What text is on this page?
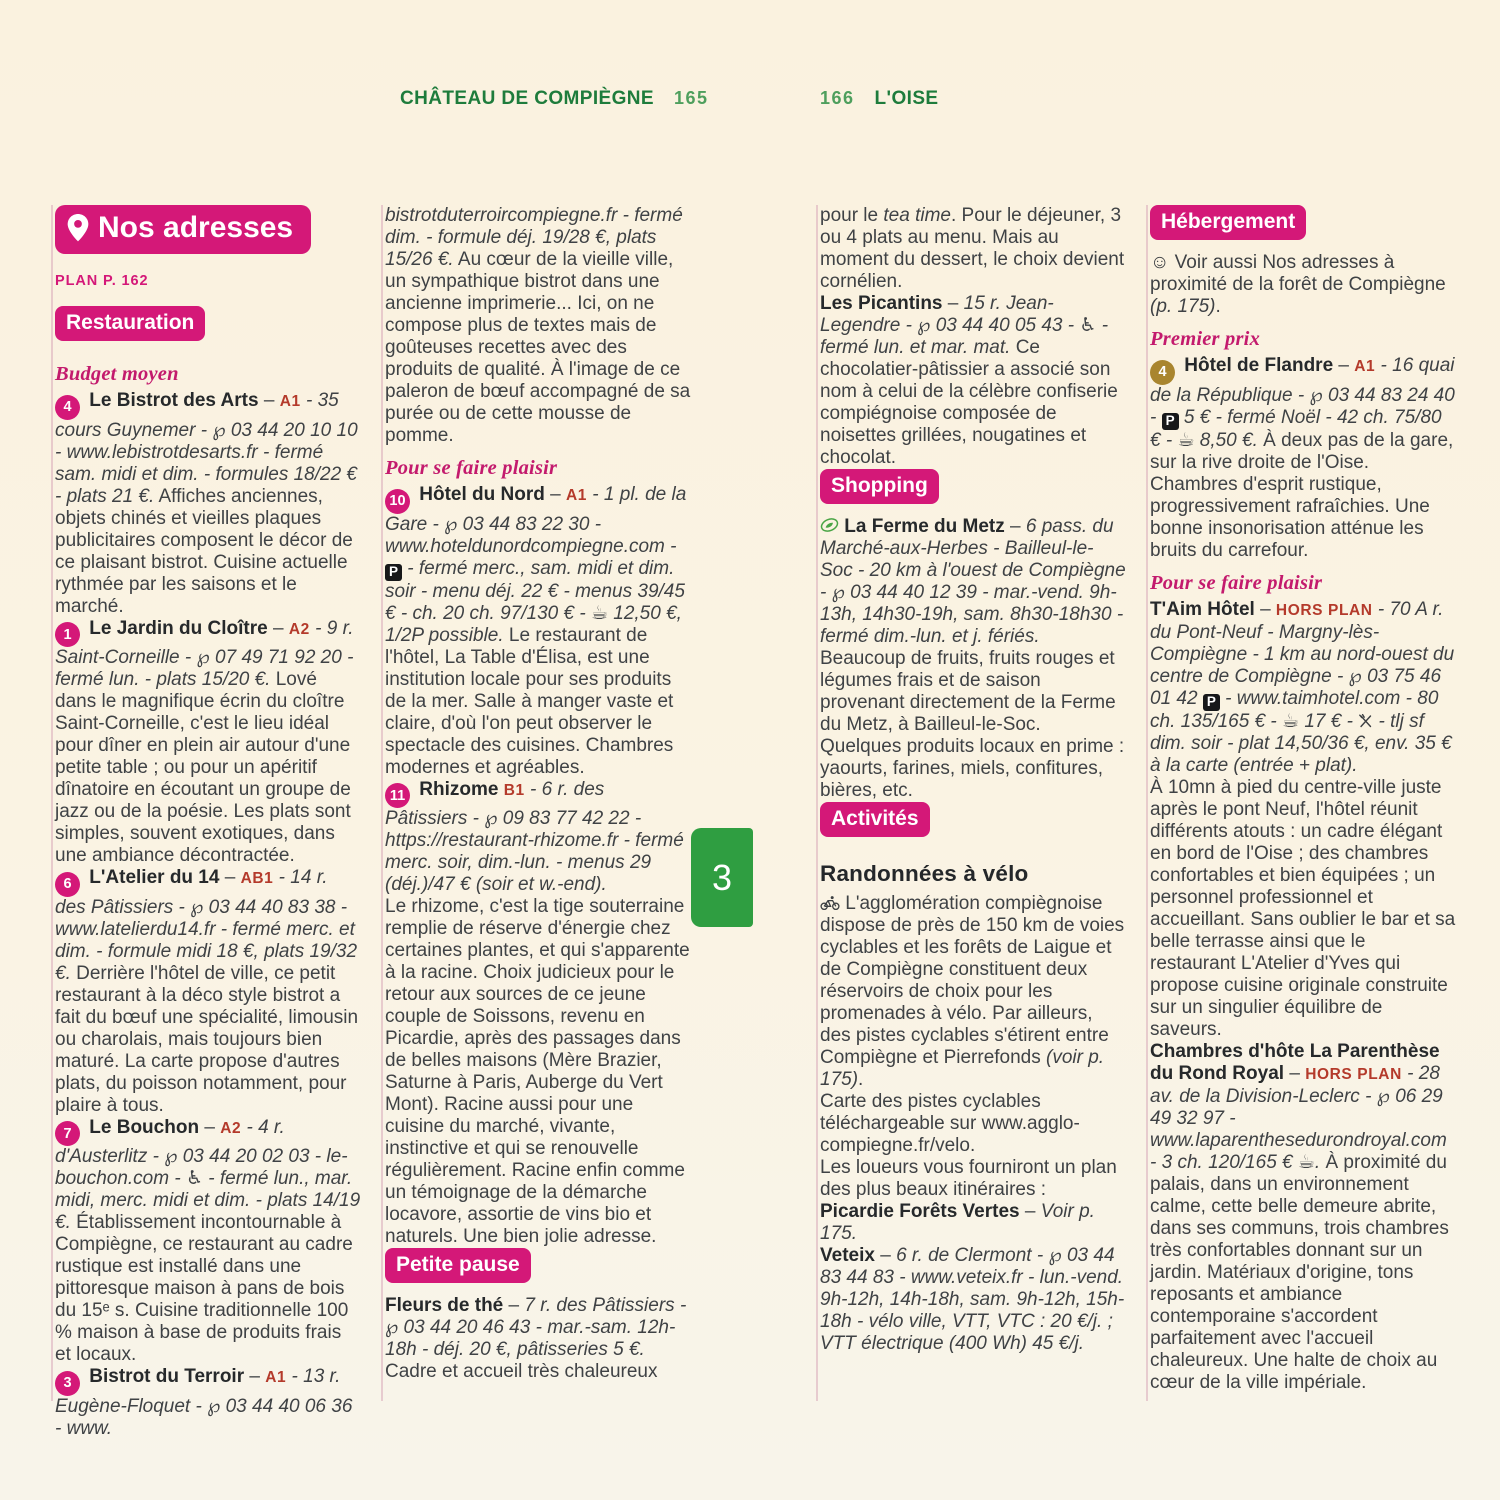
CHÂTEAU DE COMPIÈGNE 165	166 L'OISE
Nos adresses
PLAN P. 162
Restauration
Budget moyen

4 Le Bistrot des Arts – A1 - 35 cours Guynemer - ℘ 03 44 20 10 10 - www.lebistrotdesarts.fr - fermé sam. midi et dim. - formules 18/22 € - plats 21 €. Affiches anciennes, objets chinés et vieilles plaques publicitaires composent le décor de ce plaisant bistrot. Cuisine actuelle rythmée par les saisons et le marché.

1 Le Jardin du Cloître – A2 - 9 r. Saint-Corneille - ℘ 07 49 71 92 20 - fermé lun. - plats 15/20 €. Lové dans le magnifique écrin du cloître Saint-Corneille, c'est le lieu idéal pour dîner en plein air autour d'une petite table ; ou pour un apéritif dînatoire en écoutant un groupe de jazz ou de la poésie. Les plats sont simples, souvent exotiques, dans une ambiance décontractée.

6 L'Atelier du 14 – AB1 - 14 r. des Pâtissiers - ℘ 03 44 40 83 38 - www.latelierdu14.fr - fermé merc. et dim. - formule midi 18 €, plats 19/32 €. Derrière l'hôtel de ville, ce petit restaurant à la déco style bistrot a fait du bœuf une spécialité, limousin ou charolais, mais toujours bien maturé. La carte propose d'autres plats, du poisson notamment, pour plaire à tous.

7 Le Bouchon – A2 - 4 r. d'Austerlitz - ℘ 03 44 20 02 03 - le-bouchon.com - ♿ - fermé lun., mar. midi, merc. midi et dim. - plats 14/19 €. Établissement incontournable à Compiègne, ce restaurant au cadre rustique est installé dans une pittoresque maison à pans de bois du 15ᵉ s. Cuisine traditionnelle 100 % maison à base de produits frais et locaux.

3 Bistrot du Terroir – A1 - 13 r. Eugène-Floquet - ℘ 03 44 40 06 36 - www.

bistrotduterroircompiegne.fr - fermé dim. - formule déj. 19/28 €, plats 15/26 €. Au cœur de la vieille ville, un sympathique bistrot dans une ancienne imprimerie... Ici, on ne compose plus de textes mais de goûteuses recettes avec des produits de qualité. À l'image de ce paleron de bœuf accompagné de sa purée ou de cette mousse de pomme.

Pour se faire plaisir

10 Hôtel du Nord – A1 - 1 pl. de la Gare - ℘ 03 44 83 22 30 - www.hoteldunordcompiegne.com - P - fermé merc., sam. midi et dim. soir - menu déj. 22 € - menus 39/45 € - ch. 20 ch. 97/130 € - ☕ 12,50 €, 1/2P possible. Le restaurant de l'hôtel, La Table d'Élisa, est une institution locale pour ses produits de la mer. Salle à manger vaste et claire, d'où l'on peut observer le spectacle des cuisines. Chambres modernes et agréables.

11 Rhizome B1 - 6 r. des Pâtissiers - ℘ 09 83 77 42 22 - https://restaurant-rhizome.fr - fermé merc. soir, dim.-lun. - menus 29 (déj.)/47 € (soir et w.-end).
Le rhizome, c'est la tige souterraine remplie de réserve d'énergie chez certaines plantes, et qui s'apparente à la racine. Choix judicieux pour le retour aux sources de ce jeune couple de Soissons, revenu en Picardie, après des passages dans de belles maisons (Mère Brazier, Saturne à Paris, Auberge du Vert Mont). Racine aussi pour une cuisine du marché, vivante, instinctive et qui se renouvelle régulièrement. Racine enfin comme un témoignage de la démarche locavore, assortie de vins bio et naturels. Une bien jolie adresse.

Petite pause

Fleurs de thé – 7 r. des Pâtissiers - ℘ 03 44 20 46 43 - mar.-sam. 12h-18h - déj. 20 €, pâtisseries 5 €. Cadre et accueil très chaleureux

pour le tea time. Pour le déjeuner, 3 ou 4 plats au menu. Mais au moment du dessert, le choix devient cornélien.

Les Picantins – 15 r. Jean-Legendre - ℘ 03 44 40 05 43 - ♿ - fermé lun. et mar. mat. Ce chocolatier-pâtissier a associé son nom à celui de la célèbre confiserie compiégnoise composée de noisettes grillées, nougatines et chocolat.

Shopping

La Ferme du Metz – 6 pass. du Marché-aux-Herbes - Bailleul-le-Soc - 20 km à l'ouest de Compiègne - ℘ 03 44 40 12 39 - mar.-vend. 9h-13h, 14h30-19h, sam. 8h30-18h30 - fermé dim.-lun. et j. fériés. Beaucoup de fruits, fruits rouges et légumes frais et de saison provenant directement de la Ferme du Metz, à Bailleul-le-Soc. Quelques produits locaux en prime : yaourts, farines, miels, confitures, bières, etc.

Activités
Randonnées à vélo

L'agglomération compiègnoise dispose de près de 150 km de voies cyclables et les forêts de Laigue et de Compiègne constituent deux réservoirs de choix pour les promenades à vélo. Par ailleurs, des pistes cyclables s'étirent entre Compiègne et Pierrefonds (voir p. 175).

Carte des pistes cyclables téléchargeable sur www.agglo-compiegne.fr/velo.

Les loueurs vous fourniront un plan des plus beaux itinéraires :

Picardie Forêts Vertes – Voir p. 175.

Veteix – 6 r. de Clermont - ℘ 03 44 83 44 83 - www.veteix.fr - lun.-vend. 9h-12h, 14h-18h, sam. 9h-12h, 15h-18h - vélo ville, VTT, VTC : 20 €/j. ; VTT électrique (400 Wh) 45 €/j.

Hébergement

☺ Voir aussi Nos adresses à proximité de la forêt de Compiègne (p. 175).

Premier prix

4 Hôtel de Flandre – A1 - 16 quai de la République - ℘ 03 44 83 24 40 - P 5 € - fermé Noël - 42 ch. 75/80 € - ☕ 8,50 €. À deux pas de la gare, sur la rive droite de l'Oise. Chambres d'esprit rustique, progressivement rafraîchies. Une bonne insonorisation atténue les bruits du carrefour.

Pour se faire plaisir

T'Aim Hôtel – HORS PLAN - 70 A r. du Pont-Neuf - Margny-lès-Compiègne - 1 km au nord-ouest du centre de Compiègne - ℘ 03 75 46 01 42 P - www.taimhotel.com - 80 ch. 135/165 € - ☕ 17 € -  - tlj sf dim. soir - plat 14,50/36 €, env. 35 € à la carte (entrée + plat).
À 10mn à pied du centre-ville juste après le pont Neuf, l'hôtel réunit différents atouts : un cadre élégant en bord de l'Oise ; des chambres confortables et bien équipées ; un personnel professionnel et accueillant. Sans oublier le bar et sa belle terrasse ainsi que le restaurant L'Atelier d'Yves qui propose cuisine originale construite sur un singulier équilibre de saveurs.

Chambres d'hôte La Parenthèse du Rond Royal – HORS PLAN - 28 av. de la Division-Leclerc - ℘ 06 29 49 32 97 - www.laparenthesedurondroyal.com - 3 ch. 120/165 € ☕. À proximité du palais, dans un environnement calme, cette belle demeure abrite, dans ses communs, trois chambres très confortables donnant sur un jardin. Matériaux d'origine, tons reposants et ambiance contemporaine s'accordent parfaitement avec l'accueil chaleureux. Une halte de choix au cœur de la ville impériale.

3
